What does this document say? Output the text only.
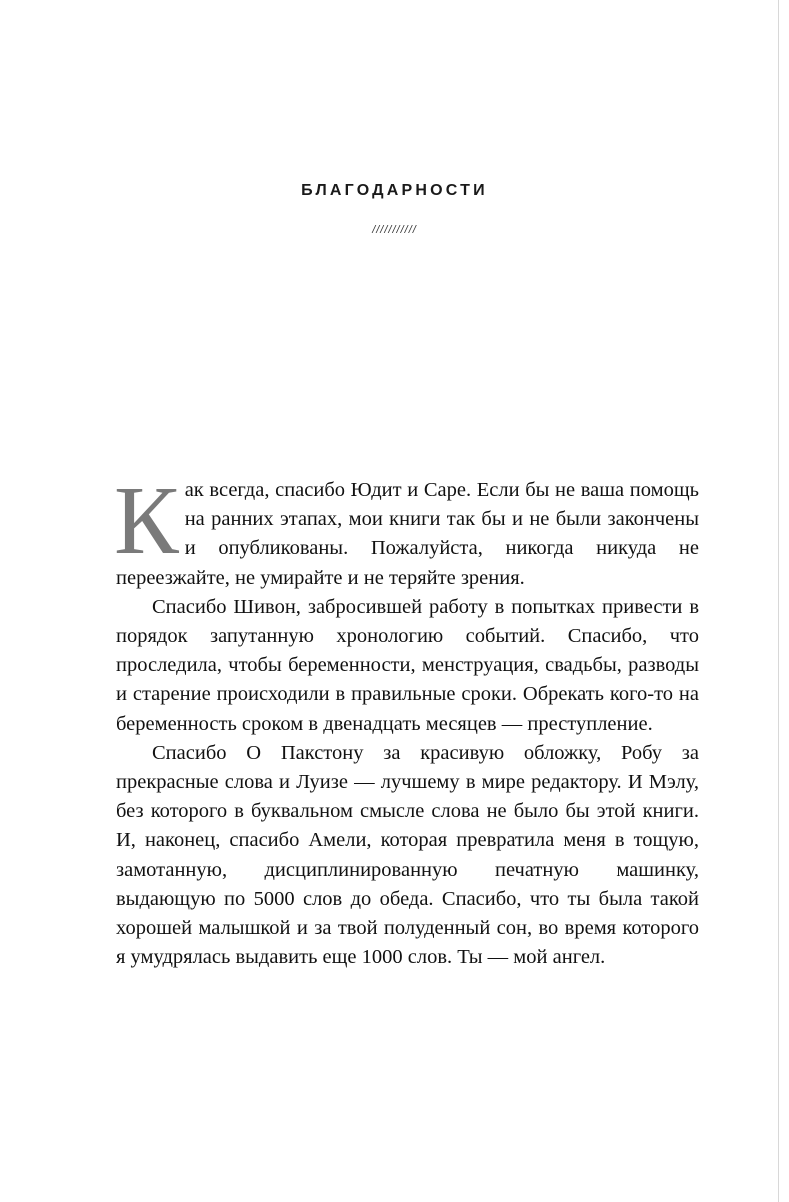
БЛАГОДАРНОСТИ
///////////

Как всегда, спасибо Юдит и Саре. Если бы не ваша помощь на ранних этапах, мои книги так бы и не были закончены и опубликованы. Пожалуйста, никогда никуда не переезжайте, не умирайте и не теряйте зрения.

Спасибо Шивон, забросившей работу в попытках привести в порядок запутанную хронологию событий. Спасибо, что проследила, чтобы беременности, менструация, свадьбы, разводы и старение происходили в правильные сроки. Обрекать кого-то на беременность сроком в двенадцать месяцев — преступление.

Спасибо О Пакстону за красивую обложку, Робу за прекрасные слова и Луизе — лучшему в мире редактору. И Мэлу, без которого в буквальном смысле слова не было бы этой книги. И, наконец, спасибо Амели, которая превратила меня в тощую, замотанную, дисциплинированную печатную машинку, выдающую по 5000 слов до обеда. Спасибо, что ты была такой хорошей малышкой и за твой полуденный сон, во время которого я умудрялась выдавить еще 1000 слов. Ты — мой ангел.
